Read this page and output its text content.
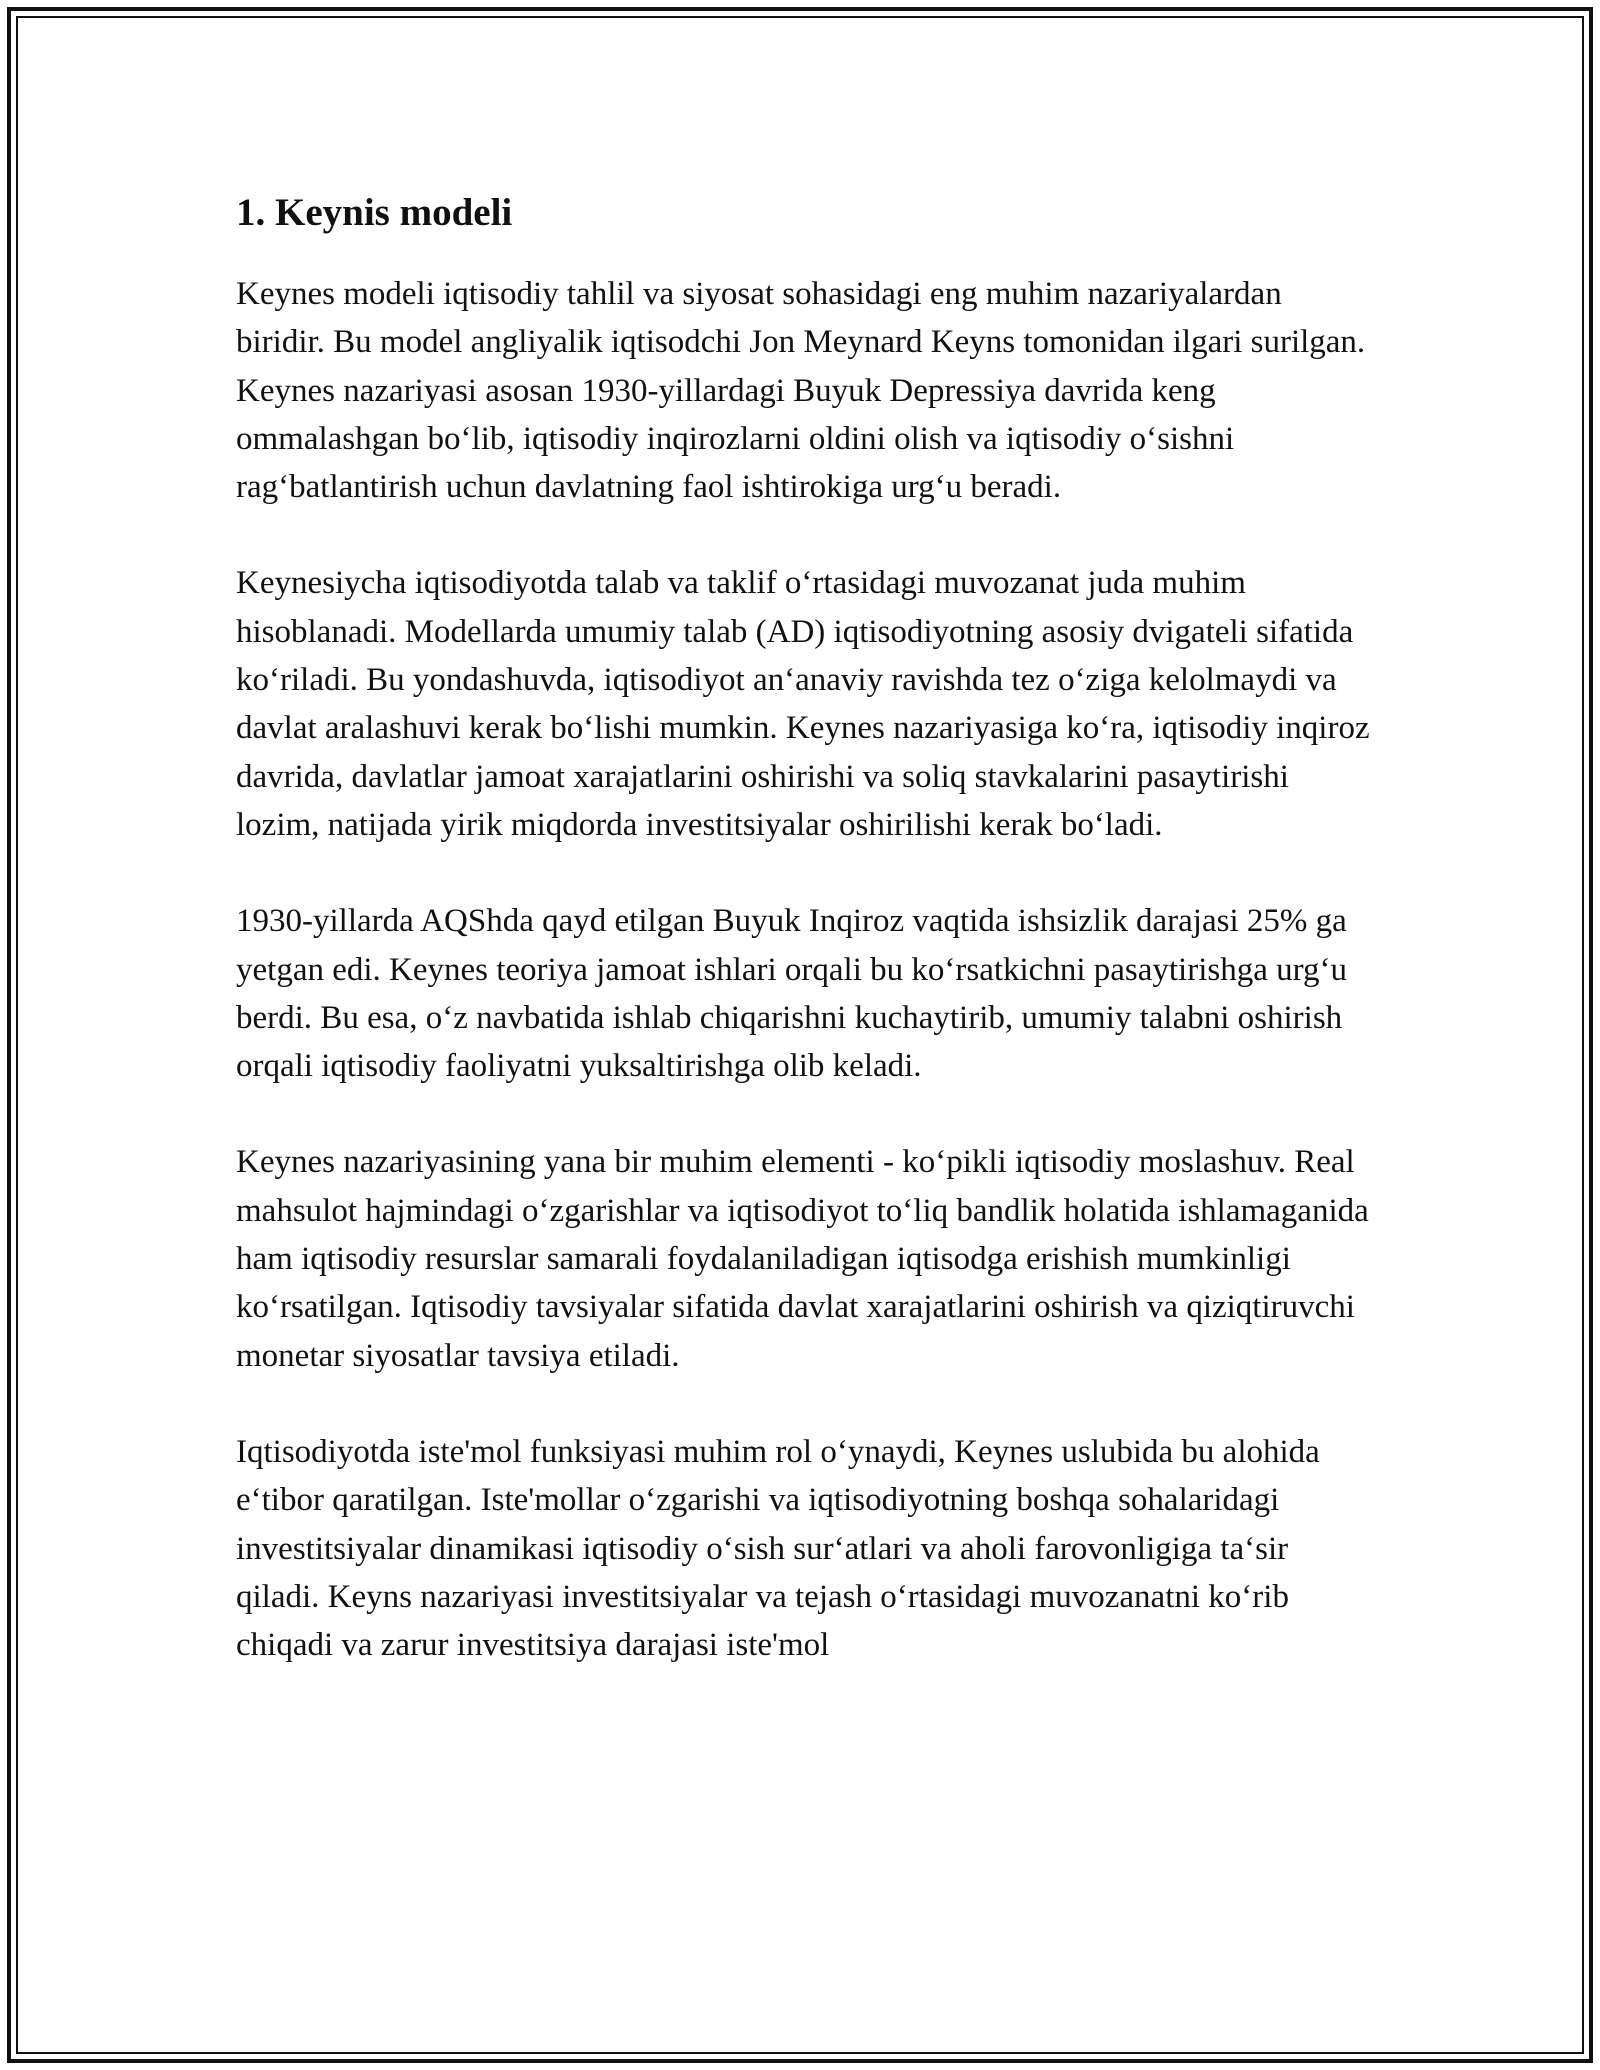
1. Keynis modeli

Keynes modeli iqtisodiy tahlil va siyosat sohasidagi eng muhim nazariyalardan biridir. Bu model angliyalik iqtisodchi Jon Meynard Keyns tomonidan ilgari surilgan. Keynes nazariyasi asosan 1930-yillardagi Buyuk Depressiya davrida keng ommalashgan bo‘lib, iqtisodiy inqirozlarni oldini olish va iqtisodiy o‘sishni rag‘batlantirish uchun davlatning faol ishtirokiga urg‘u beradi.

Keynesiycha iqtisodiyotda talab va taklif o‘rtasidagi muvozanat juda muhim hisoblanadi. Modellarda umumiy talab (AD) iqtisodiyotning asosiy dvigateli sifatida ko‘riladi. Bu yondashuvda, iqtisodiyot an‘anaviy ravishda tez o‘ziga kelolmaydi va davlat aralashuvi kerak bo‘lishi mumkin. Keynes nazariyasiga ko‘ra, iqtisodiy inqiroz davrida, davlatlar jamoat xarajatlarini oshirishi va soliq stavkalarini pasaytirishi lozim, natijada yirik miqdorda investitsiyalar oshirilishi kerak bo‘ladi.

1930-yillarda AQShda qayd etilgan Buyuk Inqiroz vaqtida ishsizlik darajasi 25% ga yetgan edi. Keynes teoriya jamoat ishlari orqali bu ko‘rsatkichni pasaytirishga urg‘u berdi. Bu esa, o‘z navbatida ishlab chiqarishni kuchaytirib, umumiy talabni oshirish orqali iqtisodiy faoliyatni yuksaltirishga olib keladi.

Keynes nazariyasining yana bir muhim elementi - ko‘pikli iqtisodiy moslashuv. Real mahsulot hajmindagi o‘zgarishlar va iqtisodiyot to‘liq bandlik holatida ishlamaganida ham iqtisodiy resurslar samarali foydalaniladigan iqtisodga erishish mumkinligi ko‘rsatilgan. Iqtisodiy tavsiyalar sifatida davlat xarajatlarini oshirish va qiziqtiruvchi monetar siyosatlar tavsiya etiladi.

Iqtisodiyotda iste'mol funksiyasi muhim rol o‘ynaydi, Keynes uslubida bu alohida e‘tibor qaratilgan. Iste'mollar o‘zgarishi va iqtisodiyotning boshqa sohalaridagi investitsiyalar dinamikasi iqtisodiy o‘sish sur‘atlari va aholi farovonligiga ta‘sir qiladi. Keyns nazariyasi investitsiyalar va tejash o‘rtasidagi muvozanatni ko‘rib chiqadi va zarur investitsiya darajasi iste'mol
